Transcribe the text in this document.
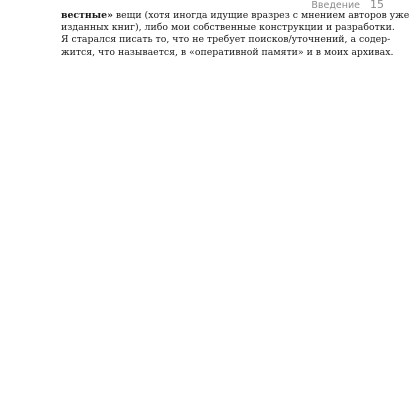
Введение 15
вестные» вещи (хотя иногда идущие вразрез с мнением авторов уже
изданных книг), либо мои собственные конструкции и разработки.
Я старался писать то, что не требует поисков/уточнений, а содер-
жится, что называется, в «оперативной памяти» и в моих архивах.
